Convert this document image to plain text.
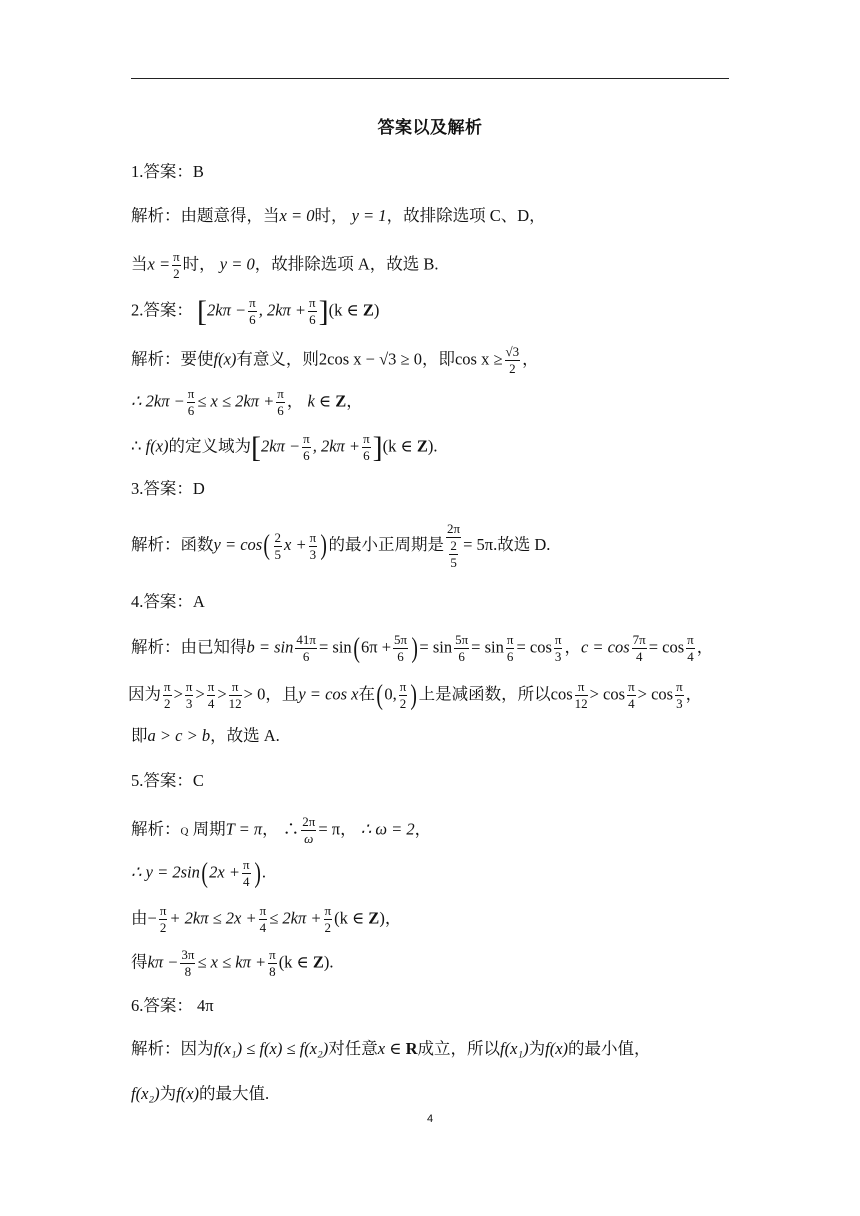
答案以及解析
1.答案：B
解析：由题意得，当x = 0时， y = 1，故排除选项 C、D，
当$x = \frac{\pi}{2}$ 时， y = 0，故排除选项 A，故选 B.
2.答案： [$2k\pi - \frac{\pi}{6}$ , $2k\pi + \frac{\pi}{6} ](k$ ∈ Z)
解析：要使f(x)有意义，则2cos x − √3 ≥ 0，即$\cos x \ge \frac{√3}{2}$ ，
∴ $2k\pi - \frac{\pi}{6} \le x \le 2k\pi + \frac{\pi}{6}$ ， k ∈ Z，
∴ f(x)的定义域为[$2k\pi - \frac{\pi}{6}$ , $2k\pi + \frac{\pi}{6} ](k$ ∈ Z).
3.答案：D
解析：函数$y = \cos( \frac{2}{5}$ $x + \frac{\pi}{3}$ )的最小正周期是 $\frac{2\pi}{\frac{2}{5}} = 5\pi$.故选 D.
4.答案：A
解析：由已知得$b = \sin \frac{41\pi}{6} = \sin(6\pi + \frac{5\pi}{6}$ )= $\sin \frac{5\pi}{6} = \sin \frac{\pi}{6} = \cos \frac{\pi}{3}$ ，$c = \cos \frac{7\pi}{4} = \cos \frac{\pi}{4}$ ，
因为 $\frac{\pi}{2} > \frac{\pi}{3} > \frac{\pi}{4} > \frac{\pi}{12} > 0$，且y = cos x在(0, $\frac{\pi}{2}$ )上是减函数，所以$\cos \frac{\pi}{12} > \cos \frac{\pi}{4} > \cos \frac{\pi}{3}$ ，
即a > c > b，故选 A.
5.答案：C
解析：Q 周期T = π， ∴ $\frac{2\pi}{\omega} = \pi$， ∴ ω = 2，
∴ $y = 2\sin(2x + \frac{\pi}{4}$ ).
由− $\frac{\pi}{2} + 2k\pi \le 2x + \frac{\pi}{4} \le 2k\pi + \frac{\pi}{2} (k$ ∈ Z)，
得$k\pi - \frac{3\pi}{8} \le x \le k\pi + \frac{\pi}{8} (k$ ∈ Z).
6.答案： 4π
解析：因为f(x₁) ≤ f(x) ≤ f(x₂)对任意x ∈ R成立，所以f(x₁)为f(x)的最小值，
f(x₂)为f(x)的最大值.
4
